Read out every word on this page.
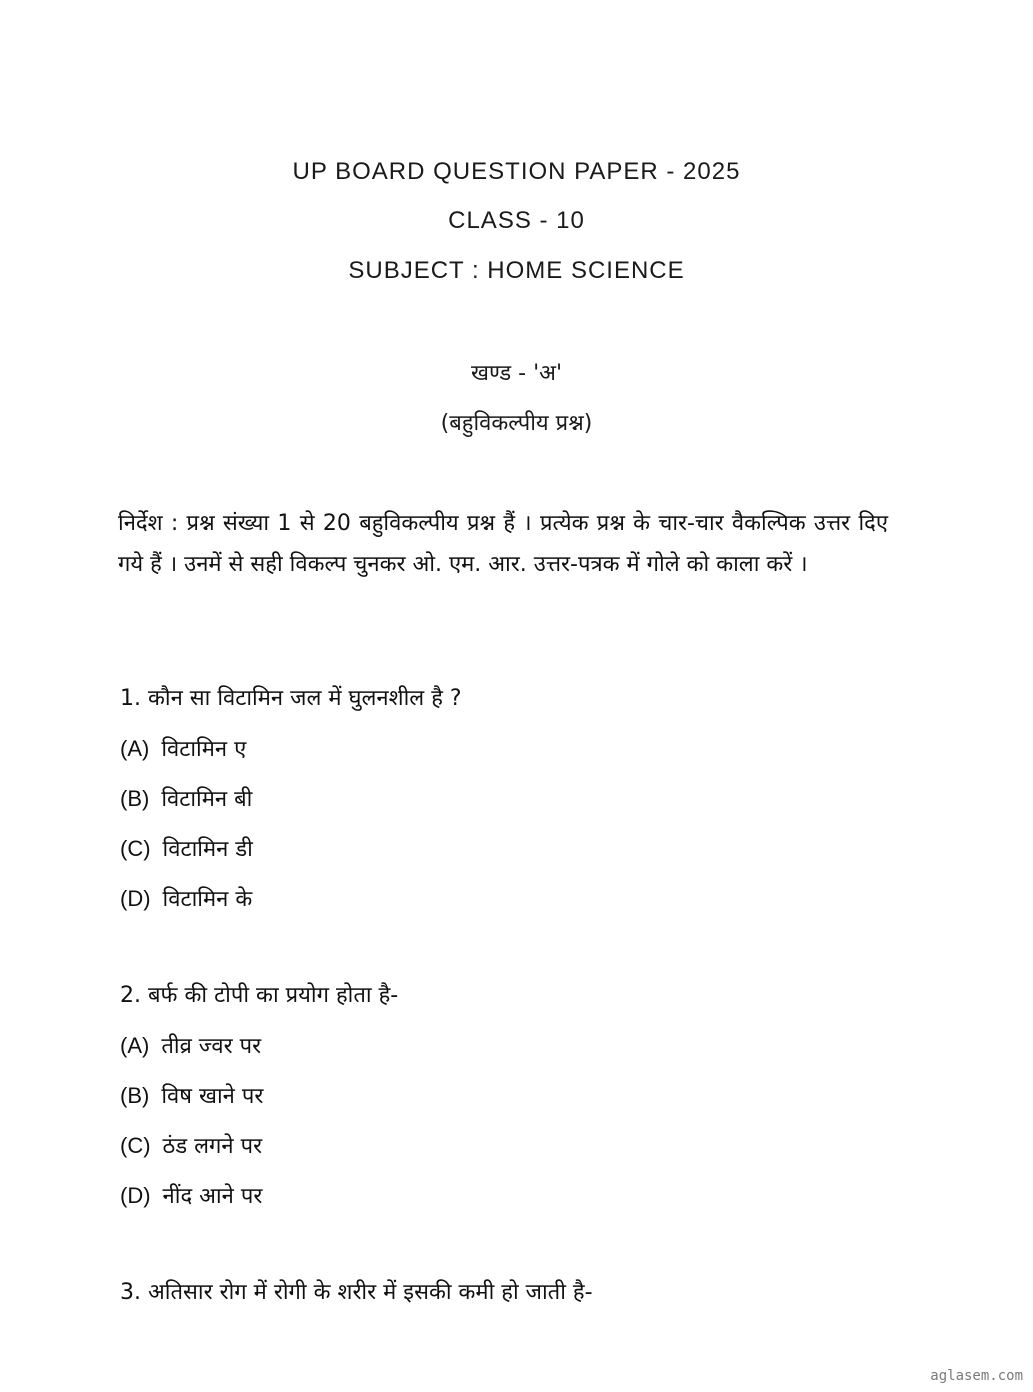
UP BOARD QUESTION PAPER - 2025
CLASS - 10
SUBJECT : HOME SCIENCE
खण्ड - 'अ'
(बहुविकल्पीय प्रश्न)

निर्देश : प्रश्न संख्या 1 से 20 बहुविकल्पीय प्रश्न हैं । प्रत्येक प्रश्न के चार-चार वैकल्पिक उत्तर दिए गये हैं । उनमें से सही विकल्प चुनकर ओ. एम. आर. उत्तर-पत्रक में गोले को काला करें ।

1. कौन सा विटामिन जल में घुलनशील है ?
(A) विटामिन ए
(B) विटामिन बी
(C) विटामिन डी
(D) विटामिन के
2. बर्फ की टोपी का प्रयोग होता है-
(A) तीव्र ज्वर पर
(B) विष खाने पर
(C) ठंड लगने पर
(D) नींद आने पर
3. अतिसार रोग में रोगी के शरीर में इसकी कमी हो जाती है-
aglasem.com
